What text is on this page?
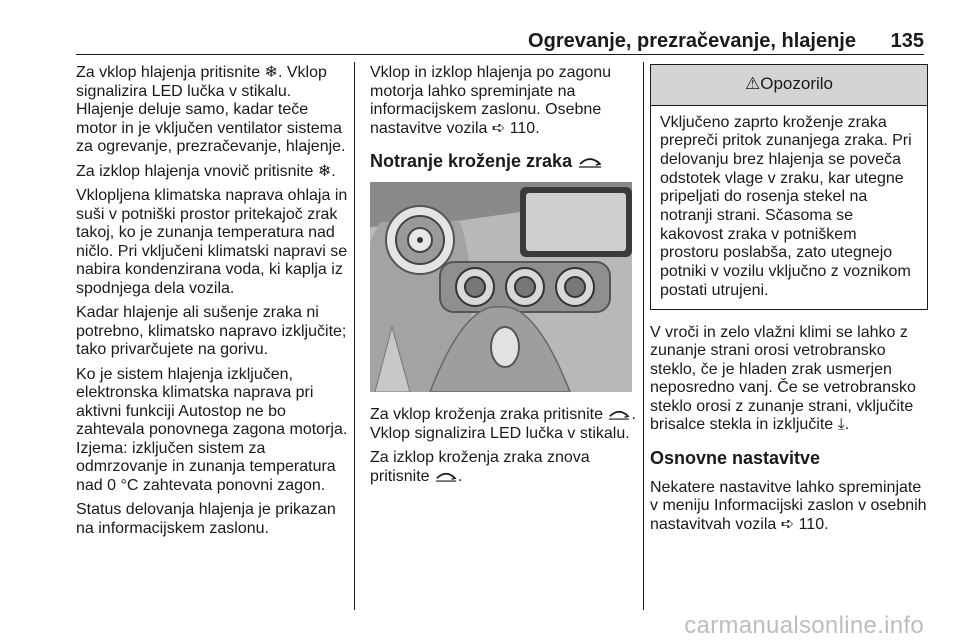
Ogrevanje, prezračevanje, hlajenje 135

Za vklop hlajenja pritisnite ❄. Vklop signalizira LED lučka v stikalu. Hlajenje deluje samo, kadar teče motor in je vključen ventilator sistema za ogrevanje, prezračevanje, hlajenje.

Za izklop hlajenja vnovič pritisnite ❄.

Vklopljena klimatska naprava ohlaja in suši v potniški prostor pritekajoč zrak takoj, ko je zunanja temperatura nad ničlo. Pri vključeni klimatski napravi se nabira kondenzirana voda, ki kaplja iz spodnjega dela vozila.

Kadar hlajenje ali sušenje zraka ni potrebno, klimatsko napravo izključite; tako privarčujete na gorivu.

Ko je sistem hlajenja izključen, elektronska klimatska naprava pri aktivni funkciji Autostop ne bo zahtevala ponovnega zagona motorja. Izjema: izključen sistem za odmrzovanje in zunanja temperatura nad 0 °C zahtevata ponovni zagon.

Status delovanja hlajenja je prikazan na informacijskem zaslonu.

Vklop in izklop hlajenja po zagonu motorja lahko spreminjate na informacijskem zaslonu. Osebne nastavitve vozila ➪ 110.

Notranje kroženje zraka

Za vklop kroženja zraka pritisnite . Vklop signalizira LED lučka v stikalu.

Za izklop kroženja zraka znova pritisnite .

⚠Opozorilo
Vključeno zaprto kroženje zraka prepreči pritok zunanjega zraka. Pri delovanju brez hlajenja se poveča odstotek vlage v zraku, kar utegne pripeljati do rosenja stekel na notranji strani. Sčasoma se kakovost zraka v potniškem prostoru poslabša, zato utegnejo potniki v vozilu vključno z voznikom postati utrujeni.

V vroči in zelo vlažni klimi se lahko z zunanje strani orosi vetrobransko steklo, če je hladen zrak usmerjen neposredno vanj. Če se vetrobransko steklo orosi z zunanje strani, vključite brisalce stekla in izključite ⤓.

Osnovne nastavitve

Nekatere nastavitve lahko spreminjate v meniju Informacijski zaslon v osebnih nastavitvah vozila ➪ 110.

carmanualsonline.info
